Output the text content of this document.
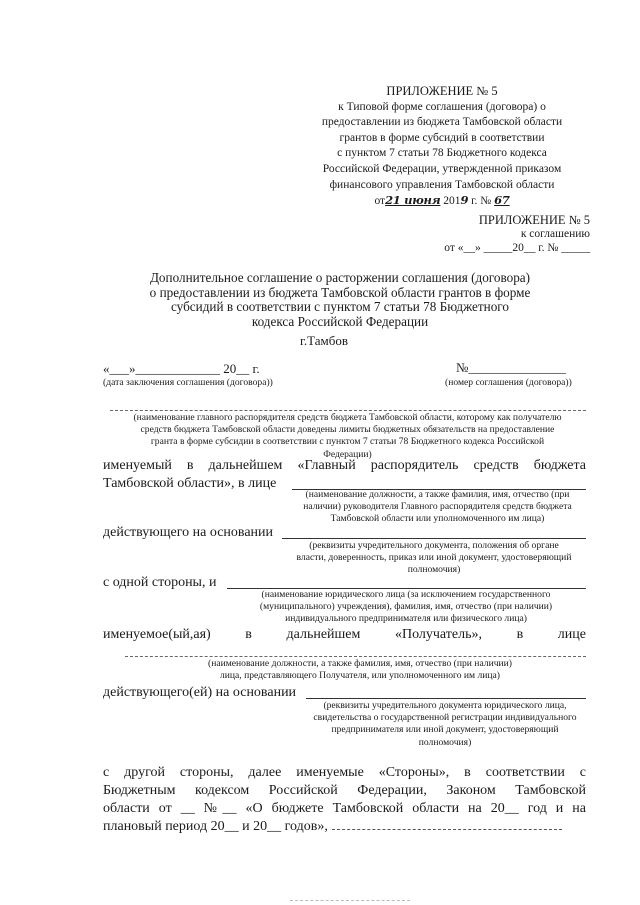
ПРИЛОЖЕНИЕ № 5
к Типовой форме соглашения (договора) о
предоставлении из бюджета Тамбовской области
грантов в форме субсидий в соответствии
с пунктом 7 статьи 78 Бюджетного кодекса
Российской Федерации, утвержденной приказом
финансового управления Тамбовской области
от21 июня 2019 г. № 67
ПРИЛОЖЕНИЕ № 5
к соглашению
от «__» _____20__ г. № _____
Дополнительное соглашение о расторжении соглашения (договора)
о предоставлении из бюджета Тамбовской области грантов в форме
субсидий в соответствии с пунктом 7 статьи 78 Бюджетного
кодекса Российской Федерации
г.Тамбов
«___»_____________ 20__ г.
(дата заключения соглашения (договора))
№_______________
(номер соглашения (договора))
(наименование главного распорядителя средств бюджета Тамбовской области, которому как получателю
средств бюджета Тамбовской области доведены лимиты бюджетных обязательств на предоставление
гранта в форме субсидии в соответствии с пунктом 7 статьи 78 Бюджетного кодекса Российской
Федерации)
именуемый в дальнейшем «Главный распорядитель средств бюджета
Тамбовской области», в лице
(наименование должности, а также фамилия, имя, отчество (при
наличии) руководителя Главного распорядителя средств бюджета
Тамбовской области или уполномоченного им лица)
действующего на основании
(реквизиты учредительного документа, положения об органе
власти, доверенность, приказ или иной документ, удостоверяющий
полномочия)
с одной стороны, и
(наименование юридического лица (за исключением государственного
(муниципального) учреждения), фамилия, имя, отчество (при наличии)
индивидуального предпринимателя или физического лица)
именуемое(ый,ая) в дальнейшем «Получатель», в лице
(наименование должности, а также фамилия, имя, отчество (при наличии)
лица, представляющего Получателя, или уполномоченного им лица)
действующего(ей) на основании
(реквизиты учредительного документа юридического лица,
свидетельства о государственной регистрации индивидуального
предпринимателя или иной документ, удостоверяющий
полномочия)
с другой стороны, далее именуемые «Стороны», в соответствии с
Бюджетным кодексом Российской Федерации, Законом Тамбовской
области от __ №__ «О бюджете Тамбовской области на 20__ год и на
плановый период 20__ и 20__ годов»,
